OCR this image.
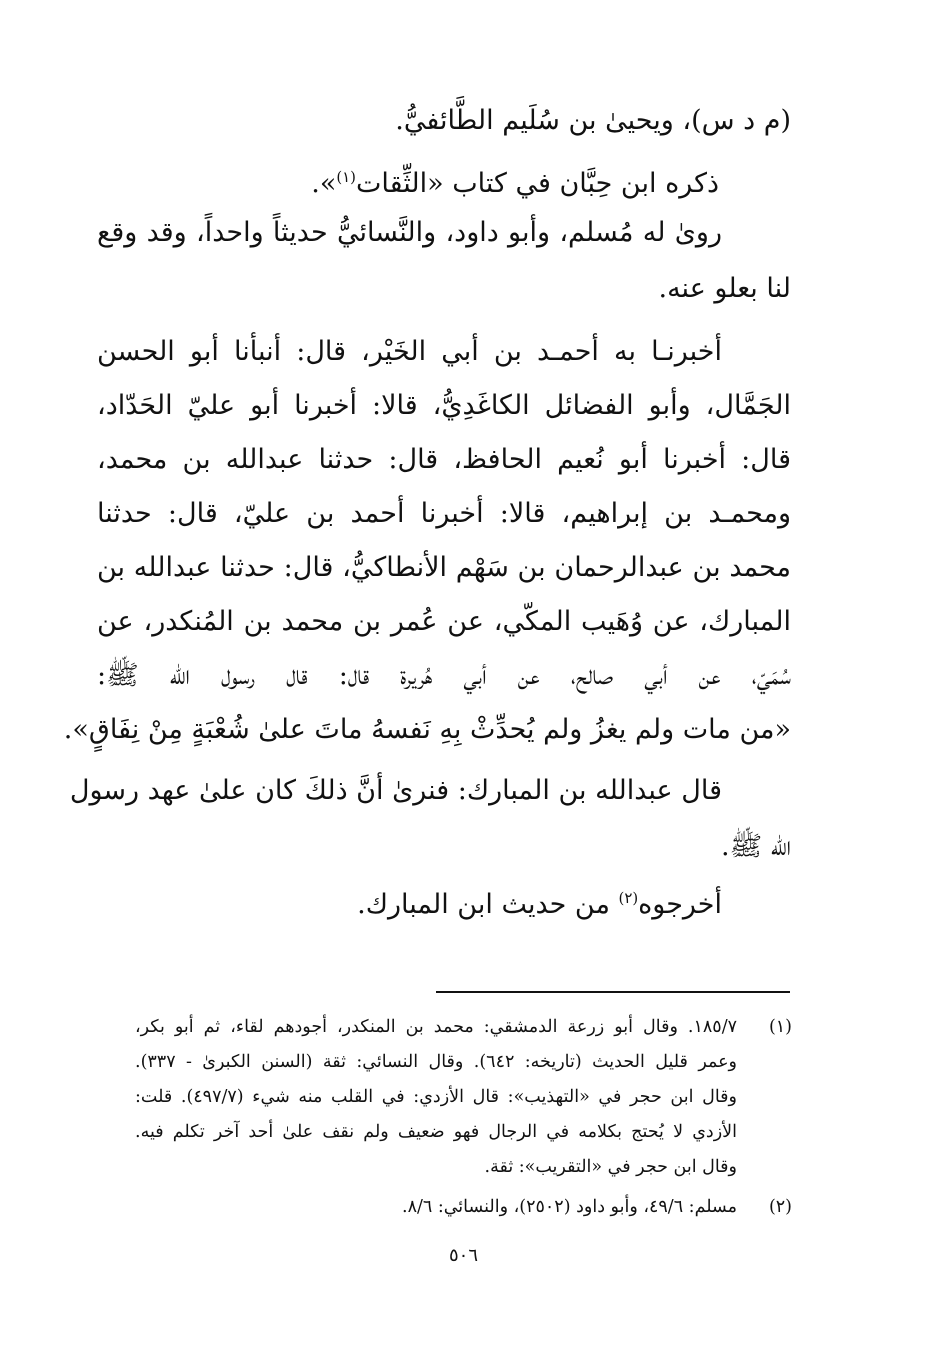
(م د س)، ويحيىٰ بن سُلَيم الطَّائفيُّ.
ذكره ابن حِبَّان في كتاب «الثِّقات$^{(١)}$».
روىٰ له مُسلم، وأبو داود، والنَّسائيُّ حديثاً واحداً، وقد وقع
لنا بعلو عنه.
أخبرنـا به أحمـد بن أبي الخَيْر، قال: أنبأنا أبو الحسن
الجَمَّال، وأبو الفضائل الكاغَدِيُّ، قالا: أخبرنا أبو عليّ الحَدّاد،
قال: أخبرنا أبو نُعيم الحافظ، قال: حدثنا عبدالله بن محمد،
ومحمـد بن إبراهيم، قالا: أخبرنا أحمد بن عليّ، قال: حدثنا
محمد بن عبدالرحمان بن سَهْم الأنطاكيُّ، قال: حدثنا عبدالله بن
المبارك، عن وُهَيب المكّي، عن عُمر بن محمد بن المُنكدر، عن
سُمَيّ، عن أبي صالح، عن أبي هُريرة قال: قال رسول الله ﷺ:
«من مات ولم يغزُ ولم يُحدِّثْ بِهِ نَفسهُ ماتَ علىٰ شُعْبَةٍ مِنْ نِفَاقٍ».
قال عبدالله بن المبارك: فنرىٰ أنَّ ذلكَ كان علىٰ عهد رسول
الله ﷺ.
أخرجوه$^{(٢)}$ من حديث ابن المبارك.
(١)
١٨٥/٧. وقال أبو زرعة الدمشقي: محمد بن المنكدر، أجودهم لقاء، ثم أبو بكر،
وعمر قليل الحديث (تاريخه: ٦٤٢). وقال النسائي: ثقة (السنن الكبرىٰ - ٣٣٧).
وقال ابن حجر في «التهذيب»: قال الأزدي: في القلب منه شيء (٤٩٧/٧). قلت:
الأزدي لا يُحتج بكلامه في الرجال فهو ضعيف ولم نقف علىٰ أحد آخر تكلم فيه.
وقال ابن حجر في «التقريب»: ثقة.
(٢)
مسلم: ٤٩/٦، وأبو داود (٢٥٠٢)، والنسائي: ٨/٦.
٥٠٦
